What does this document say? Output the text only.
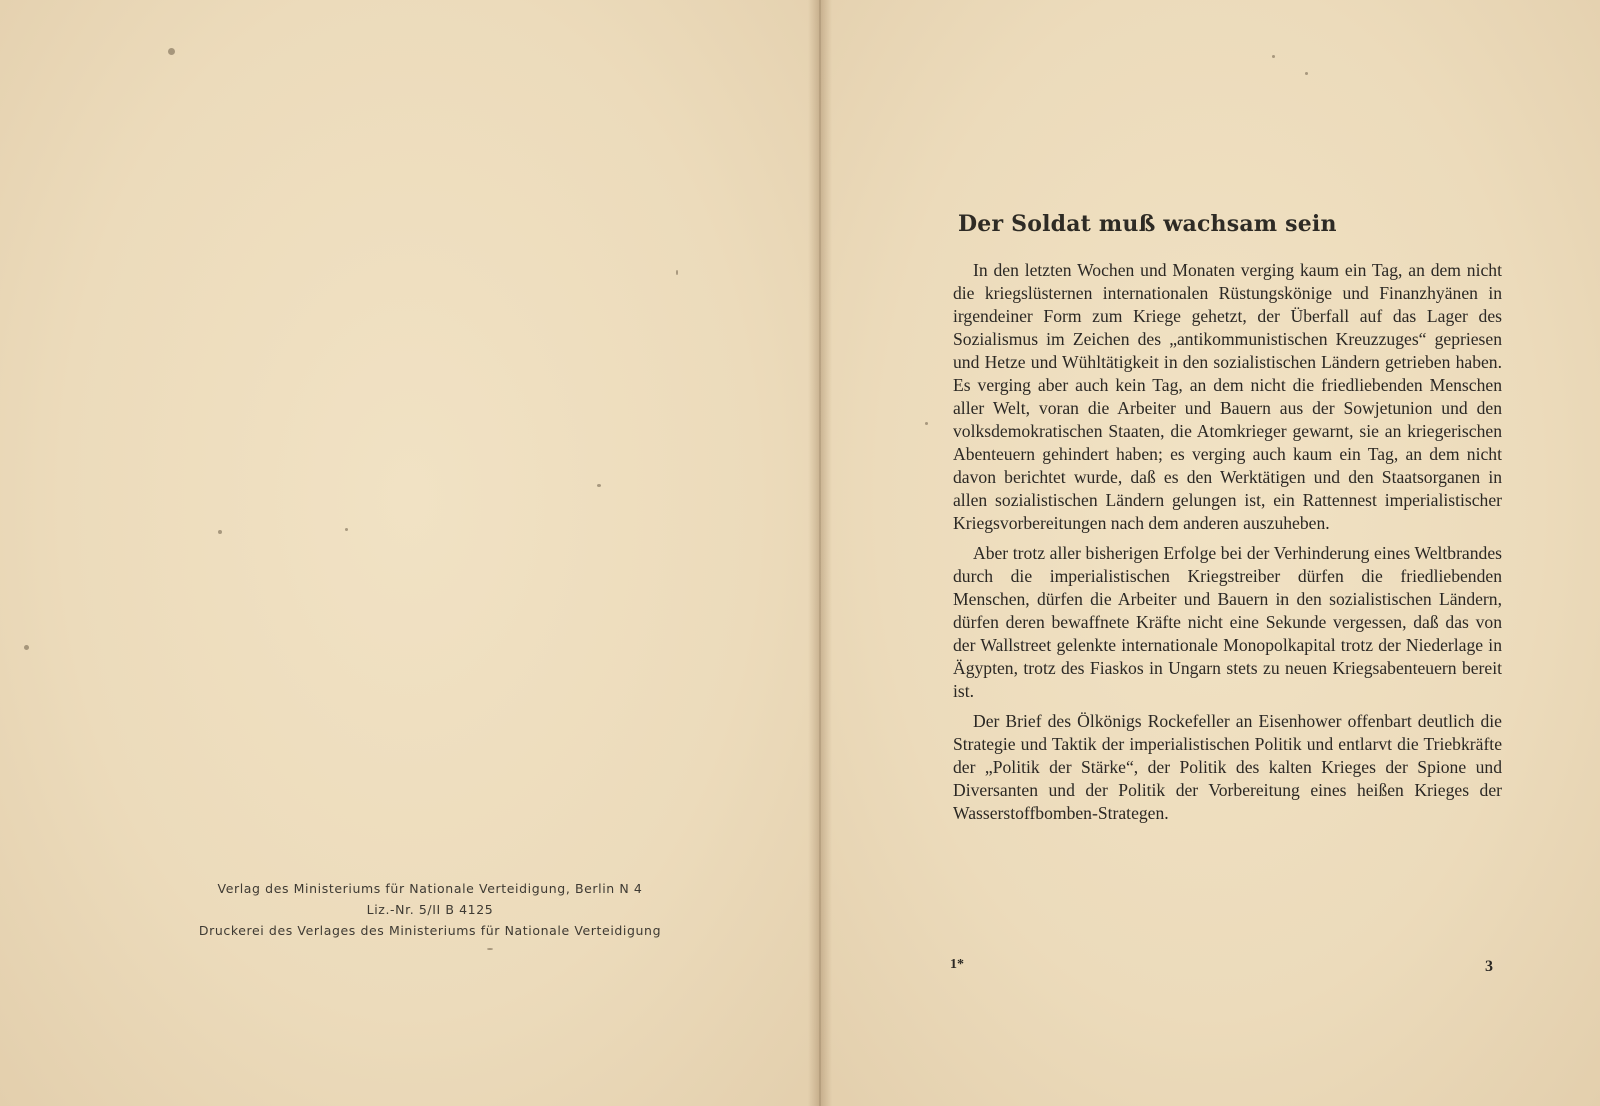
Verlag des Ministeriums für Nationale Verteidigung, Berlin N 4
Liz.-Nr. 5/II B 4125
Druckerei des Verlages des Ministeriums für Nationale Verteidigung
Der Soldat muß wachsam sein

In den letzten Wochen und Monaten verging kaum ein Tag, an dem nicht die kriegslüsternen internationalen Rüstungskönige und Finanzhyänen in irgendeiner Form zum Kriege gehetzt, der Überfall auf das Lager des Sozialismus im Zeichen des „antikommunistischen Kreuzzuges“ gepriesen und Hetze und Wühltätigkeit in den sozialistischen Ländern getrieben haben. Es verging aber auch kein Tag, an dem nicht die friedliebenden Menschen aller Welt, voran die Arbeiter und Bauern aus der Sowjetunion und den volksdemokratischen Staaten, die Atomkrieger gewarnt, sie an kriegerischen Abenteuern gehindert haben; es verging auch kaum ein Tag, an dem nicht davon berichtet wurde, daß es den Werktätigen und den Staatsorganen in allen sozialistischen Ländern gelungen ist, ein Rattennest imperialistischer Kriegsvorbereitungen nach dem anderen auszuheben.

Aber trotz aller bisherigen Erfolge bei der Verhinderung eines Weltbrandes durch die imperialistischen Kriegstreiber dürfen die friedliebenden Menschen, dürfen die Arbeiter und Bauern in den sozialistischen Ländern, dürfen deren bewaffnete Kräfte nicht eine Sekunde vergessen, daß das von der Wallstreet gelenkte internationale Monopolkapital trotz der Niederlage in Ägypten, trotz des Fiaskos in Ungarn stets zu neuen Kriegsabenteuern bereit ist.

Der Brief des Ölkönigs Rockefeller an Eisenhower offenbart deutlich die Strategie und Taktik der imperialistischen Politik und entlarvt die Triebkräfte der „Politik der Stärke“, der Politik des kalten Krieges der Spione und Diversanten und der Politik der Vorbereitung eines heißen Krieges der Wasserstoffbomben-Strategen.

1*	3
